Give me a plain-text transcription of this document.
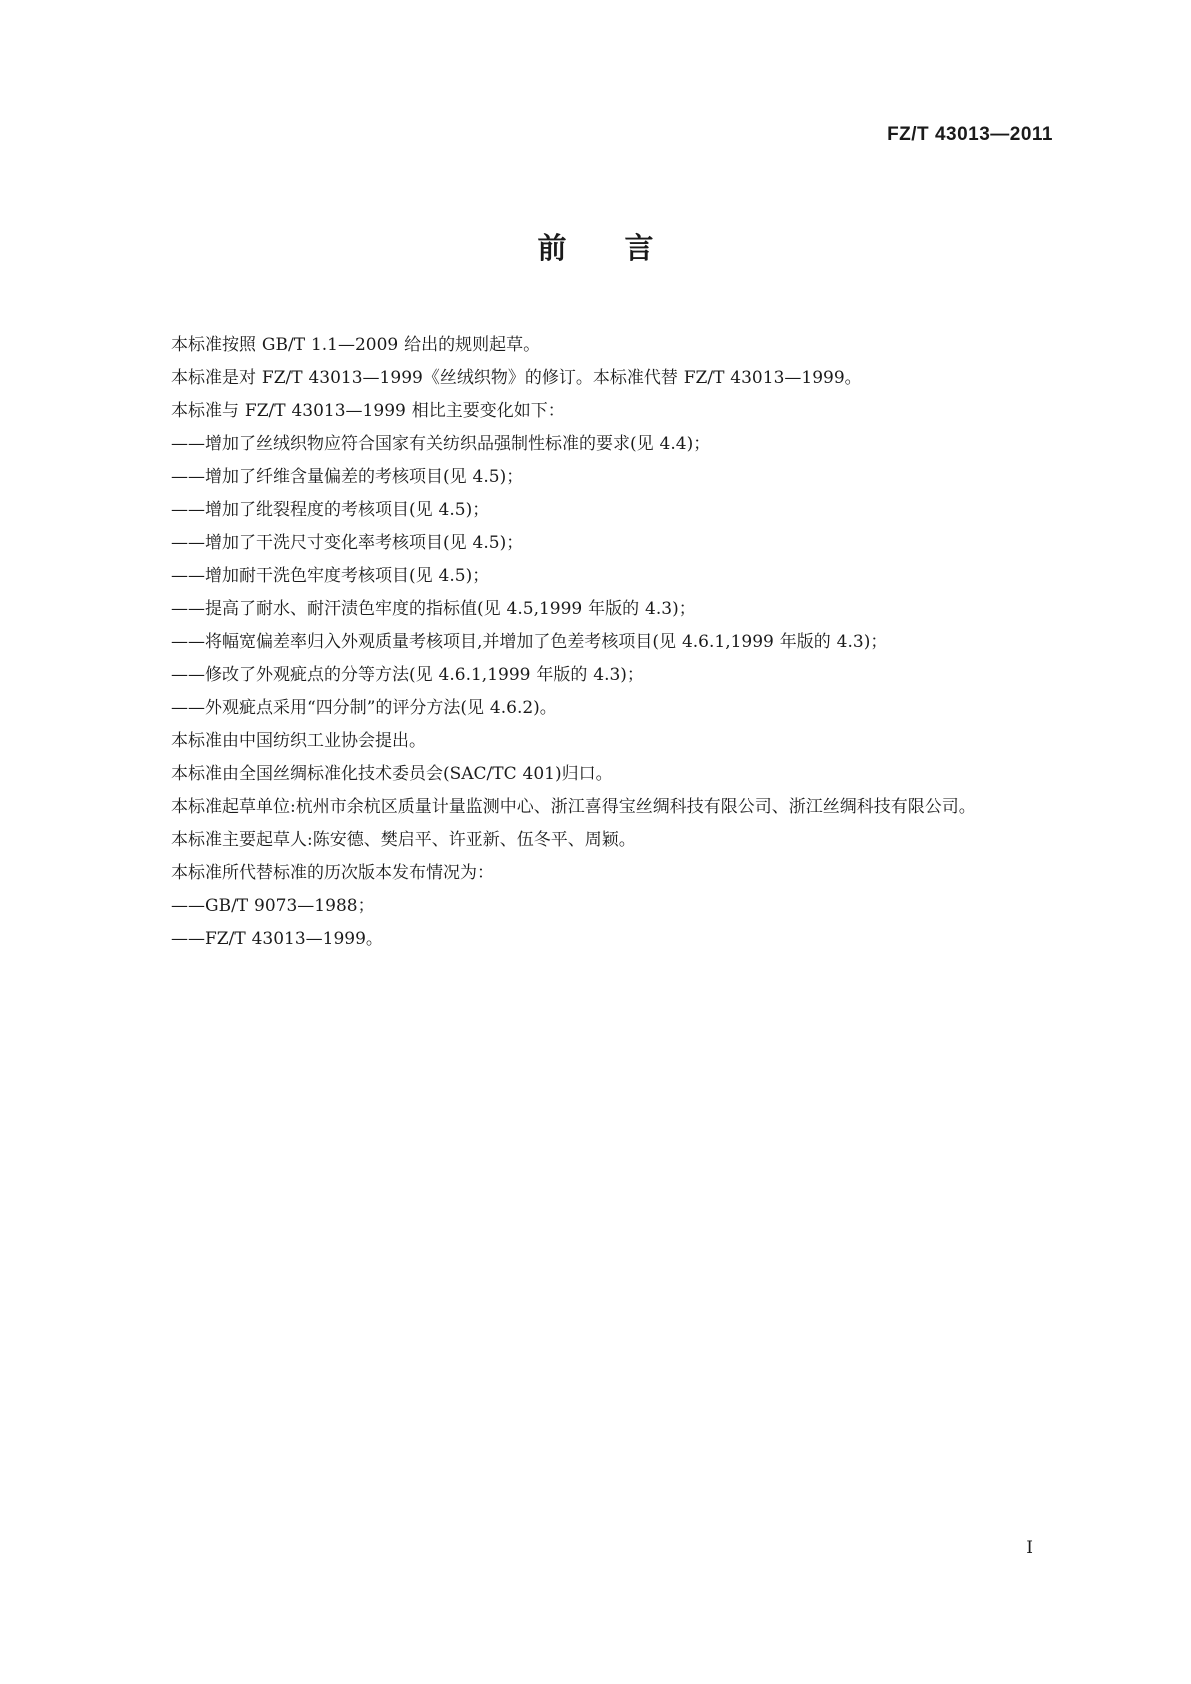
FZ/T 43013—2011
前言

本标准按照 GB/T 1.1—2009 给出的规则起草。

本标准是对 FZ/T 43013—1999《丝绒织物》的修订。本标准代替 FZ/T 43013—1999。

本标准与 FZ/T 43013—1999 相比主要变化如下：

——增加了丝绒织物应符合国家有关纺织品强制性标准的要求(见 4.4)；

——增加了纤维含量偏差的考核项目(见 4.5)；

——增加了纰裂程度的考核项目(见 4.5)；

——增加了干洗尺寸变化率考核项目(见 4.5)；

——增加耐干洗色牢度考核项目(见 4.5)；

——提高了耐水、耐汗渍色牢度的指标值(见 4.5,1999 年版的 4.3)；

——将幅宽偏差率归入外观质量考核项目,并增加了色差考核项目(见 4.6.1,1999 年版的 4.3)；

——修改了外观疵点的分等方法(见 4.6.1,1999 年版的 4.3)；

——外观疵点采用“四分制”的评分方法(见 4.6.2)。

本标准由中国纺织工业协会提出。

本标准由全国丝绸标准化技术委员会(SAC/TC 401)归口。

本标准起草单位:杭州市余杭区质量计量监测中心、浙江喜得宝丝绸科技有限公司、浙江丝绸科技有限公司。

本标准主要起草人:陈安德、樊启平、许亚新、伍冬平、周颖。

本标准所代替标准的历次版本发布情况为：

——GB/T 9073—1988；

——FZ/T 43013—1999。

I
